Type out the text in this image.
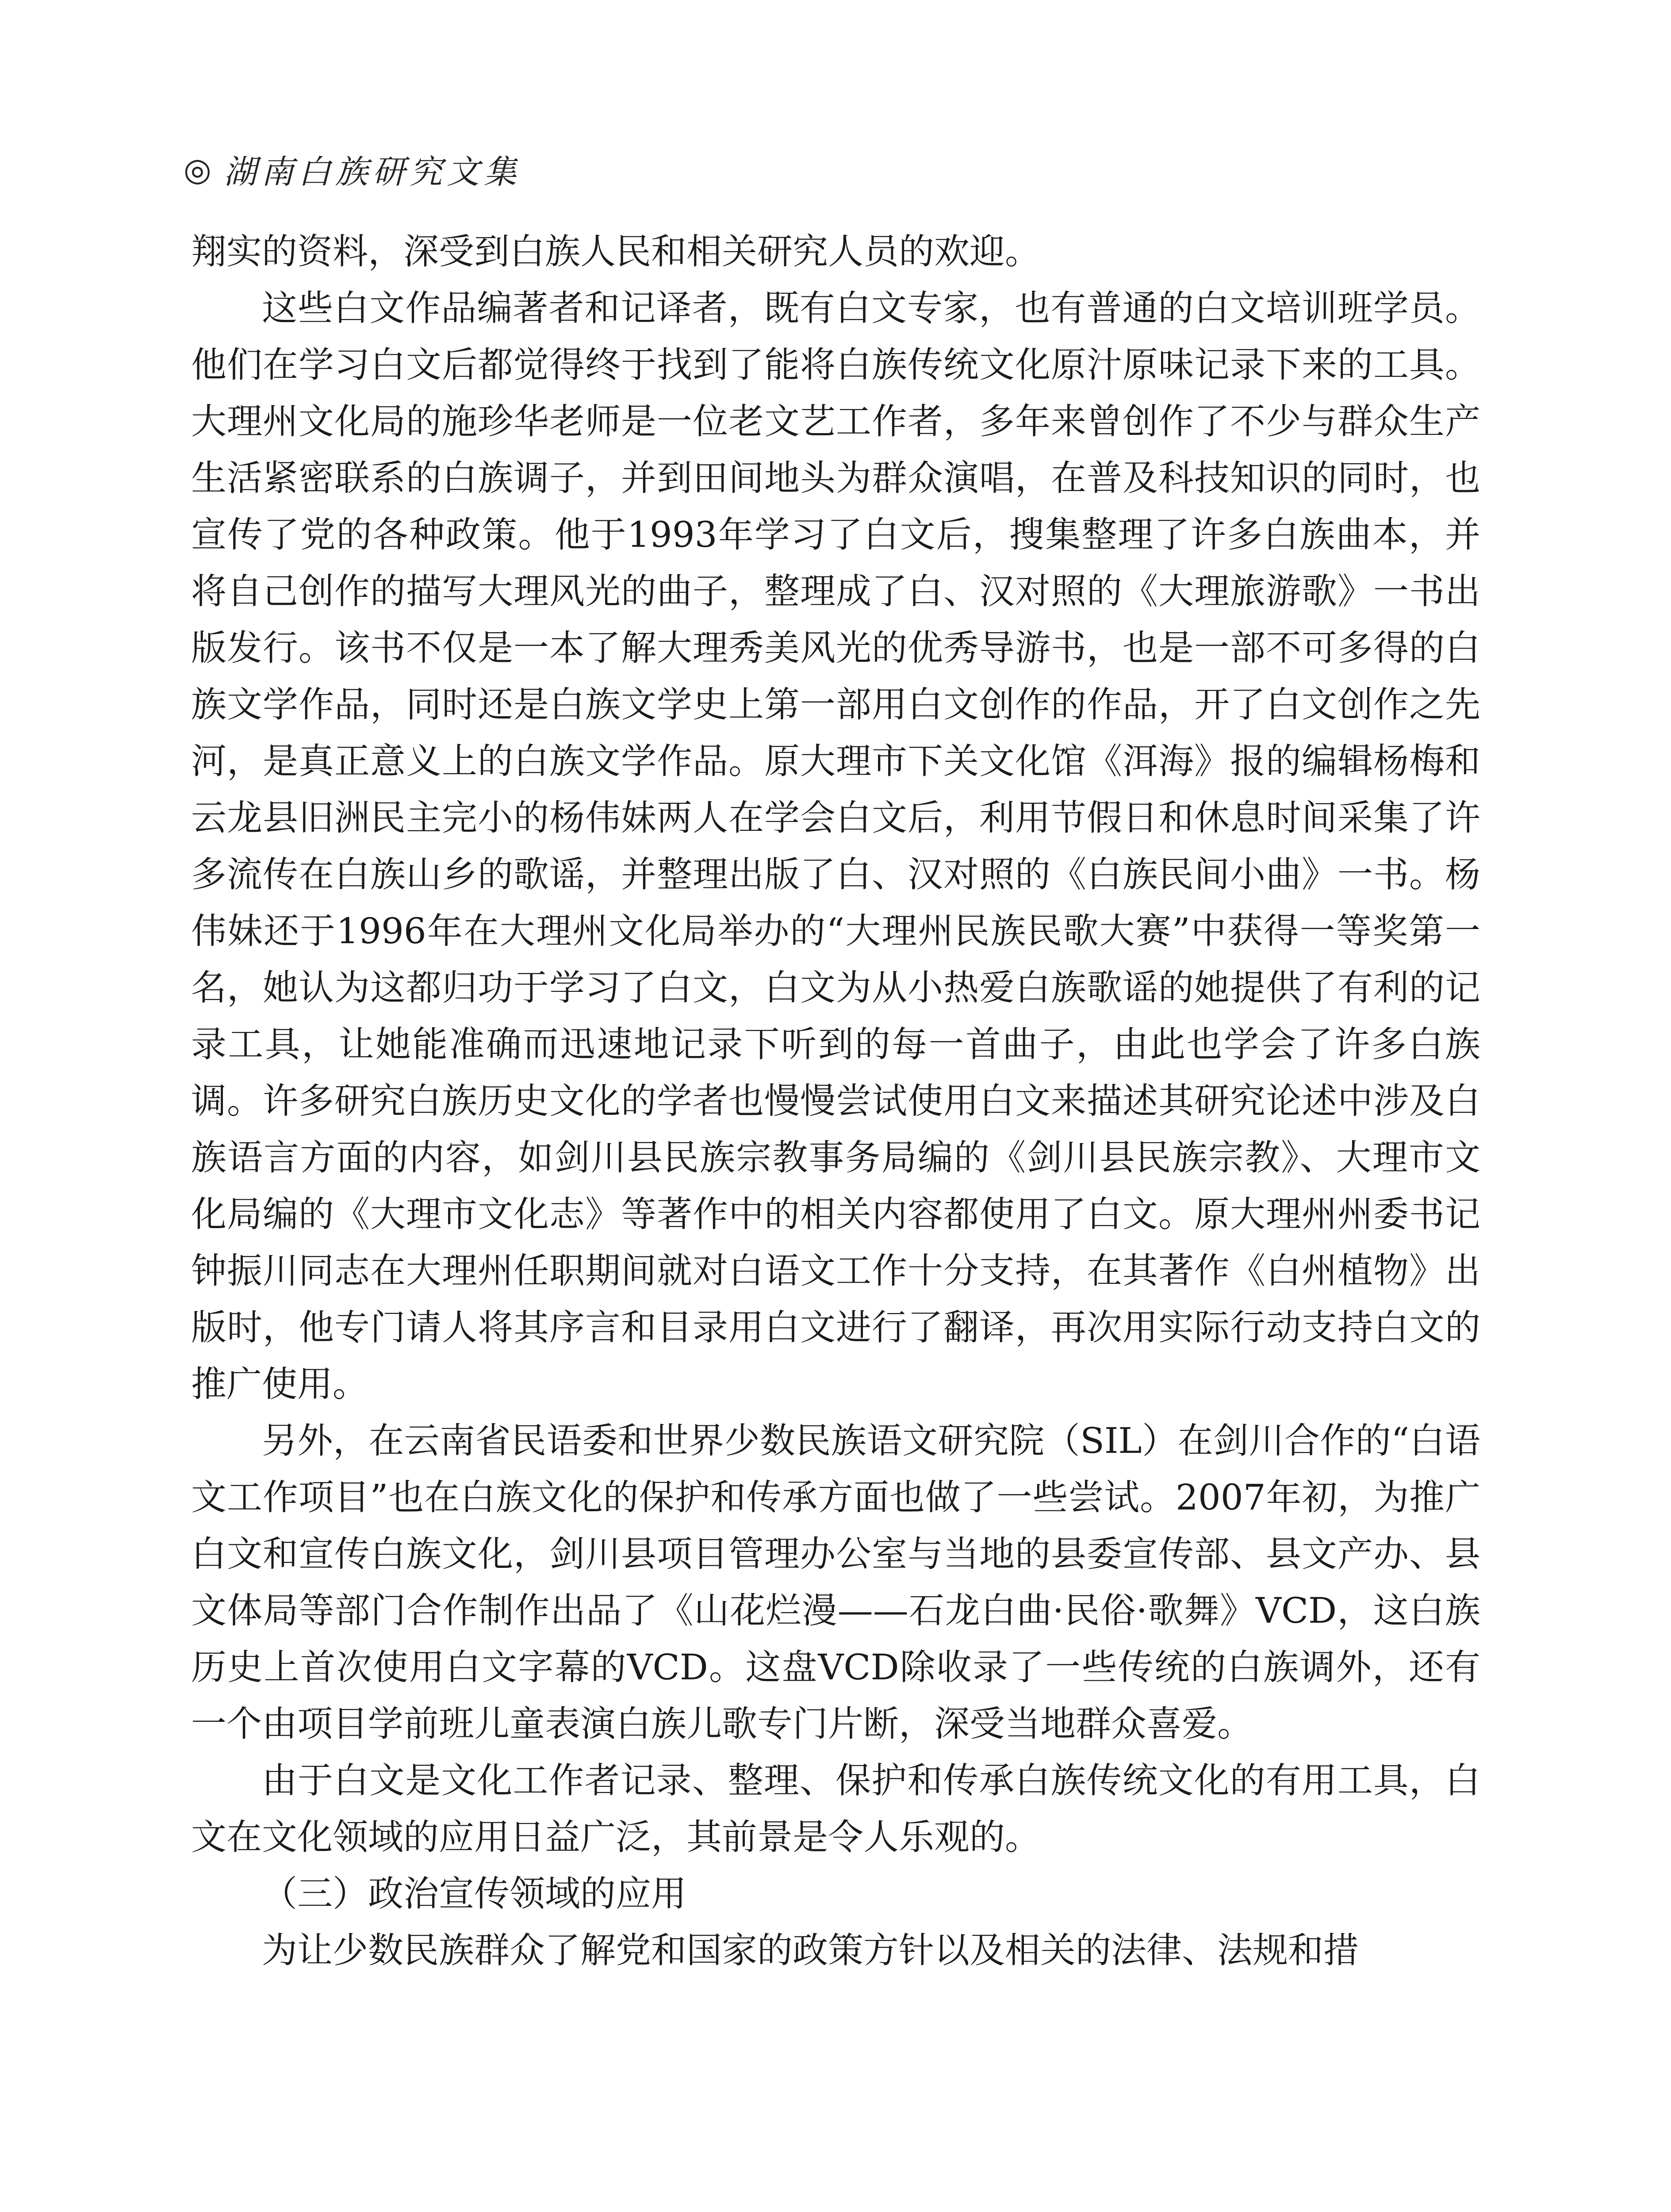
◎ 湖南白族研究文集

翔实的资料，深受到白族人民和相关研究人员的欢迎。

这些白文作品编著者和记译者，既有白文专家，也有普通的白文培训班学员。他们在学习白文后都觉得终于找到了能将白族传统文化原汁原味记录下来的工具。大理州文化局的施珍华老师是一位老文艺工作者，多年来曾创作了不少与群众生产生活紧密联系的白族调子，并到田间地头为群众演唱，在普及科技知识的同时，也宣传了党的各种政策。他于1993年学习了白文后，搜集整理了许多白族曲本，并将自己创作的描写大理风光的曲子，整理成了白、汉对照的《大理旅游歌》一书出版发行。该书不仅是一本了解大理秀美风光的优秀导游书，也是一部不可多得的白族文学作品，同时还是白族文学史上第一部用白文创作的作品，开了白文创作之先河，是真正意义上的白族文学作品。原大理市下关文化馆《洱海》报的编辑杨梅和云龙县旧洲民主完小的杨伟妹两人在学会白文后，利用节假日和休息时间采集了许多流传在白族山乡的歌谣，并整理出版了白、汉对照的《白族民间小曲》一书。杨伟妹还于1996年在大理州文化局举办的“大理州民族民歌大赛”中获得一等奖第一名，她认为这都归功于学习了白文，白文为从小热爱白族歌谣的她提供了有利的记录工具，让她能准确而迅速地记录下听到的每一首曲子，由此也学会了许多白族调。许多研究白族历史文化的学者也慢慢尝试使用白文来描述其研究论述中涉及白族语言方面的内容，如剑川县民族宗教事务局编的《剑川县民族宗教》、大理市文化局编的《大理市文化志》等著作中的相关内容都使用了白文。原大理州州委书记钟振川同志在大理州任职期间就对白语文工作十分支持，在其著作《白州植物》出版时，他专门请人将其序言和目录用白文进行了翻译，再次用实际行动支持白文的推广使用。

另外，在云南省民语委和世界少数民族语文研究院（SIL）在剑川合作的“白语文工作项目”也在白族文化的保护和传承方面也做了一些尝试。2007年初，为推广白文和宣传白族文化，剑川县项目管理办公室与当地的县委宣传部、县文产办、县文体局等部门合作制作出品了《山花烂漫——石龙白曲·民俗·歌舞》VCD，这白族历史上首次使用白文字幕的VCD。这盘VCD除收录了一些传统的白族调外，还有一个由项目学前班儿童表演白族儿歌专门片断，深受当地群众喜爱。

由于白文是文化工作者记录、整理、保护和传承白族传统文化的有用工具，白文在文化领域的应用日益广泛，其前景是令人乐观的。

（三）政治宣传领域的应用

为让少数民族群众了解党和国家的政策方针以及相关的法律、法规和措
